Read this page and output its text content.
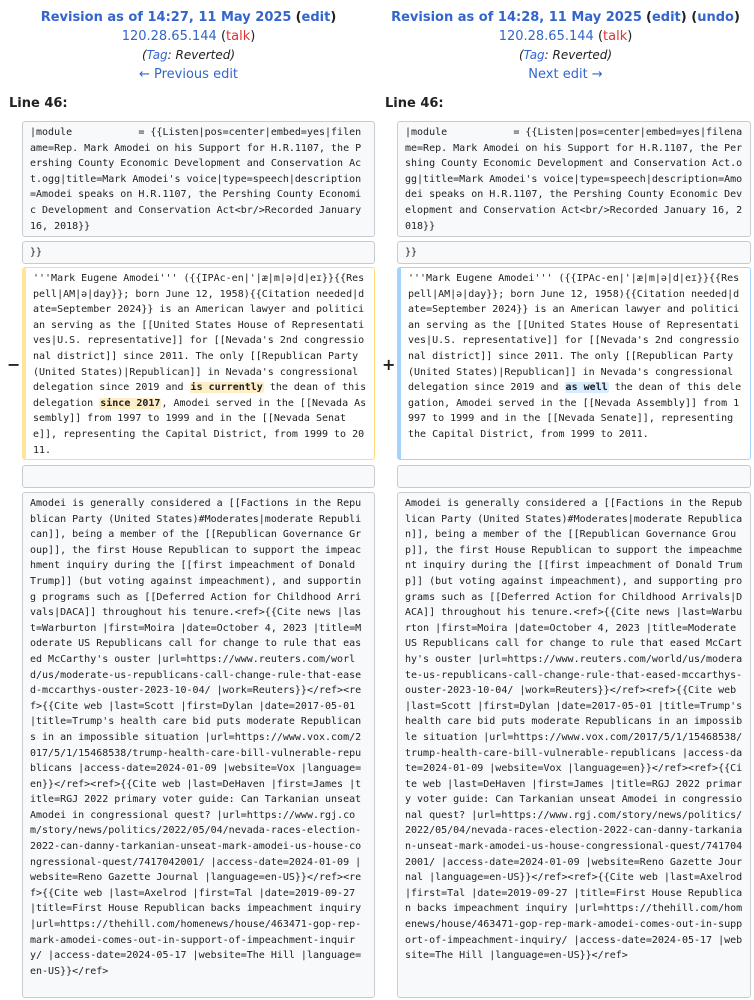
Revision as of 14:27, 11 May 2025 (edit)
120.28.65.144 (talk)
(Tag: Reverted)
← Previous edit
Revision as of 14:28, 11 May 2025 (edit) (undo)
120.28.65.144 (talk)
(Tag: Reverted)
Next edit →
Line 46:	Line 46:
|module           = {{Listen|pos=center|embed=yes|filename=Rep. Mark Amodei on his Support for H.R.1107, the Pershing County Economic Development and Conservation Act.ogg|title=Mark Amodei's voice|type=speech|description=Amodei speaks on H.R.1107, the Pershing County Economic Development and Conservation Act<br/>Recorded January 16, 2018}}
|module           = {{Listen|pos=center|embed=yes|filename=Rep. Mark Amodei on his Support for H.R.1107, the Pershing County Economic Development and Conservation Act.ogg|title=Mark Amodei's voice|type=speech|description=Amodei speaks on H.R.1107, the Pershing County Economic Development and Conservation Act<br/>Recorded January 16, 2018}}
}}	}}
−	+
'''Mark Eugene Amodei''' ({{IPAc-en|'|æ|m|ə|d|eɪ}}{{Respell|AM|ə|day}}; born June 12, 1958){{Citation needed|date=September 2024}} is an American lawyer and politician serving as the [[United States House of Representatives|U.S. representative]] for [[Nevada's 2nd congressional district]] since 2011. The only [[Republican Party (United States)|Republican]] in Nevada's congressional delegation since 2019 and is currently the dean of this delegation since 2017, Amodei served in the [[Nevada Assembly]] from 1997 to 1999 and in the [[Nevada Senate]], representing the Capital District, from 1999 to 2011.
'''Mark Eugene Amodei''' ({{IPAc-en|'|æ|m|ə|d|eɪ}}{{Respell|AM|ə|day}}; born June 12, 1958){{Citation needed|date=September 2024}} is an American lawyer and politician serving as the [[United States House of Representatives|U.S. representative]] for [[Nevada's 2nd congressional district]] since 2011. The only [[Republican Party (United States)|Republican]] in Nevada's congressional delegation since 2019 and as well the dean of this delegation, Amodei served in the [[Nevada Assembly]] from 1997 to 1999 and in the [[Nevada Senate]], representing the Capital District, from 1999 to 2011.
Amodei is generally considered a [[Factions in the Republican Party (United States)#Moderates|moderate Republican]], being a member of the [[Republican Governance Group]], the first House Republican to support the impeachment inquiry during the [[first impeachment of Donald Trump]] (but voting against impeachment), and supporting programs such as [[Deferred Action for Childhood Arrivals|DACA]] throughout his tenure.<ref>{{Cite news |last=Warburton |first=Moira |date=October 4, 2023 |title=Moderate US Republicans call for change to rule that eased McCarthy's ouster |url=https://www.reuters.com/world/us/moderate-us-republicans-call-change-rule-that-eased-mccarthys-ouster-2023-10-04/ |work=Reuters}}</ref><ref>{{Cite web |last=Scott |first=Dylan |date=2017-05-01 |title=Trump's health care bid puts moderate Republicans in an impossible situation |url=https://www.vox.com/2017/5/1/15468538/trump-health-care-bill-vulnerable-republicans |access-date=2024-01-09 |website=Vox |language=en}}</ref><ref>{{Cite web |last=DeHaven |first=James |title=RGJ 2022 primary voter guide: Can Tarkanian unseat Amodei in congressional quest? |url=https://www.rgj.com/story/news/politics/2022/05/04/nevada-races-election-2022-can-danny-tarkanian-unseat-mark-amodei-us-house-congressional-quest/7417042001/ |access-date=2024-01-09 |website=Reno Gazette Journal |language=en-US}}</ref><ref>{{Cite web |last=Axelrod |first=Tal |date=2019-09-27 |title=First House Republican backs impeachment inquiry |url=https://thehill.com/homenews/house/463471-gop-rep-mark-amodei-comes-out-in-support-of-impeachment-inquiry/ |access-date=2024-05-17 |website=The Hill |language=en-US}}</ref>
Amodei is generally considered a [[Factions in the Republican Party (United States)#Moderates|moderate Republican]], being a member of the [[Republican Governance Group]], the first House Republican to support the impeachment inquiry during the [[first impeachment of Donald Trump]] (but voting against impeachment), and supporting programs such as [[Deferred Action for Childhood Arrivals|DACA]] throughout his tenure.<ref>{{Cite news |last=Warburton |first=Moira |date=October 4, 2023 |title=Moderate US Republicans call for change to rule that eased McCarthy's ouster |url=https://www.reuters.com/world/us/moderate-us-republicans-call-change-rule-that-eased-mccarthys-ouster-2023-10-04/ |work=Reuters}}</ref><ref>{{Cite web |last=Scott |first=Dylan |date=2017-05-01 |title=Trump's health care bid puts moderate Republicans in an impossible situation |url=https://www.vox.com/2017/5/1/15468538/trump-health-care-bill-vulnerable-republicans |access-date=2024-01-09 |website=Vox |language=en}}</ref><ref>{{Cite web |last=DeHaven |first=James |title=RGJ 2022 primary voter guide: Can Tarkanian unseat Amodei in congressional quest? |url=https://www.rgj.com/story/news/politics/2022/05/04/nevada-races-election-2022-can-danny-tarkanian-unseat-mark-amodei-us-house-congressional-quest/7417042001/ |access-date=2024-01-09 |website=Reno Gazette Journal |language=en-US}}</ref><ref>{{Cite web |last=Axelrod |first=Tal |date=2019-09-27 |title=First House Republican backs impeachment inquiry |url=https://thehill.com/homenews/house/463471-gop-rep-mark-amodei-comes-out-in-support-of-impeachment-inquiry/ |access-date=2024-05-17 |website=The Hill |language=en-US}}</ref>
